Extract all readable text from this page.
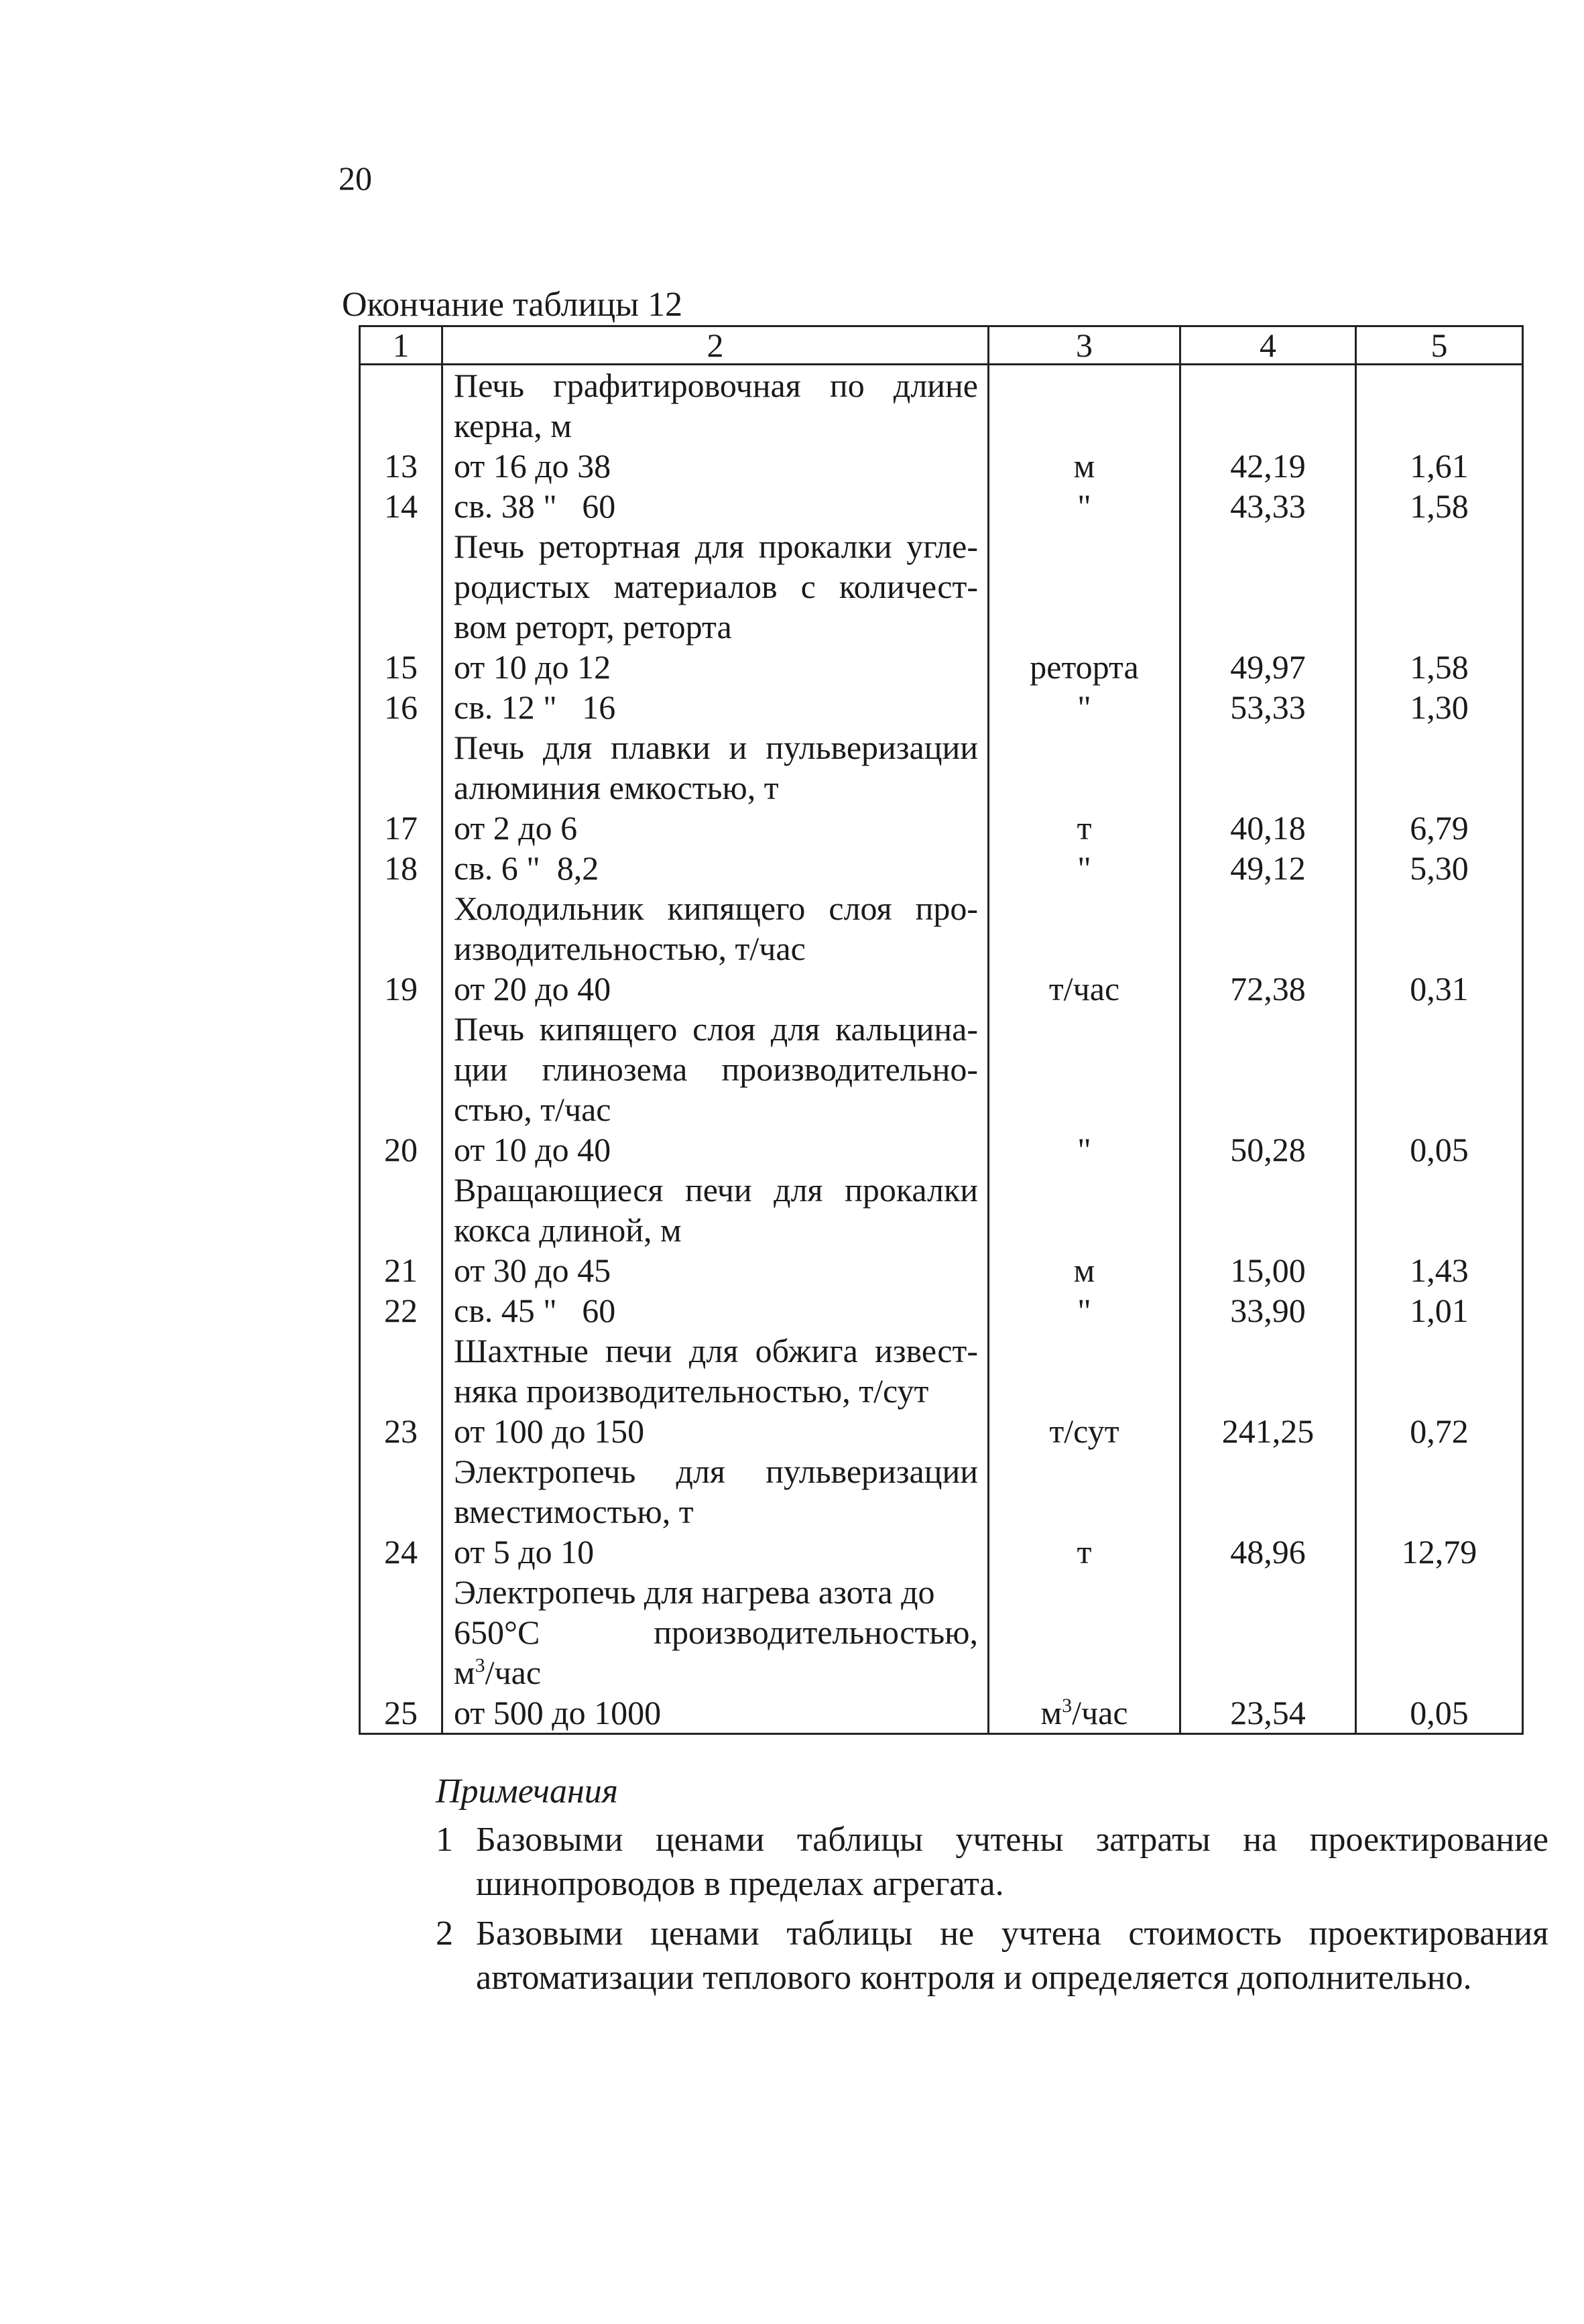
20
Окончание таблицы 12
1	2	3	4	5

	Печь графитировочная по длине
керна, м			

13	от 16 до 38	м	42,19	1,61
14	св. 38 "   60	"	43,33	1,58

	Печь ретортная для прокалки угле-
родистых материалов с количест-
вом реторт, реторта			

15	от 10 до 12	реторта	49,97	1,58
16	св. 12 "   16	"	53,33	1,30

	Печь для плавки и пульверизации
алюминия емкостью, т			

17	от 2 до 6	т	40,18	6,79
18	св. 6 "  8,2	"	49,12	5,30

	Холодильник кипящего слоя про-
изводительностью, т/час			

19	от 20 до 40	т/час	72,38	0,31

	Печь кипящего слоя для кальцина-
ции глинозема производительно-
стью, т/час			

20	от 10 до 40	"	50,28	0,05

	Вращающиеся печи для прокалки
кокса длиной, м			

21	от 30 до 45	м	15,00	1,43
22	св. 45 "   60	"	33,90	1,01

	Шахтные печи для обжига извест-
няка производительностью, т/сут			

23	от 100 до 150	т/сут	241,25	0,72

	Электропечь для пульверизации
вместимостью, т			

24	от 5 до 10	т	48,96	12,79
	Электропечь для нагрева азота до

650°С производительностью,
$м^3$/час			
25	от 500 до 1000	$м^3$/час	23,54	0,05
Примечания
1 Базовыми ценами таблицы учтены затраты на проектирование шинопроводов в пределах агрегата.
2 Базовыми ценами таблицы не учтена стоимость проектирования автоматизации теплового контроля и определяется дополнительно.
